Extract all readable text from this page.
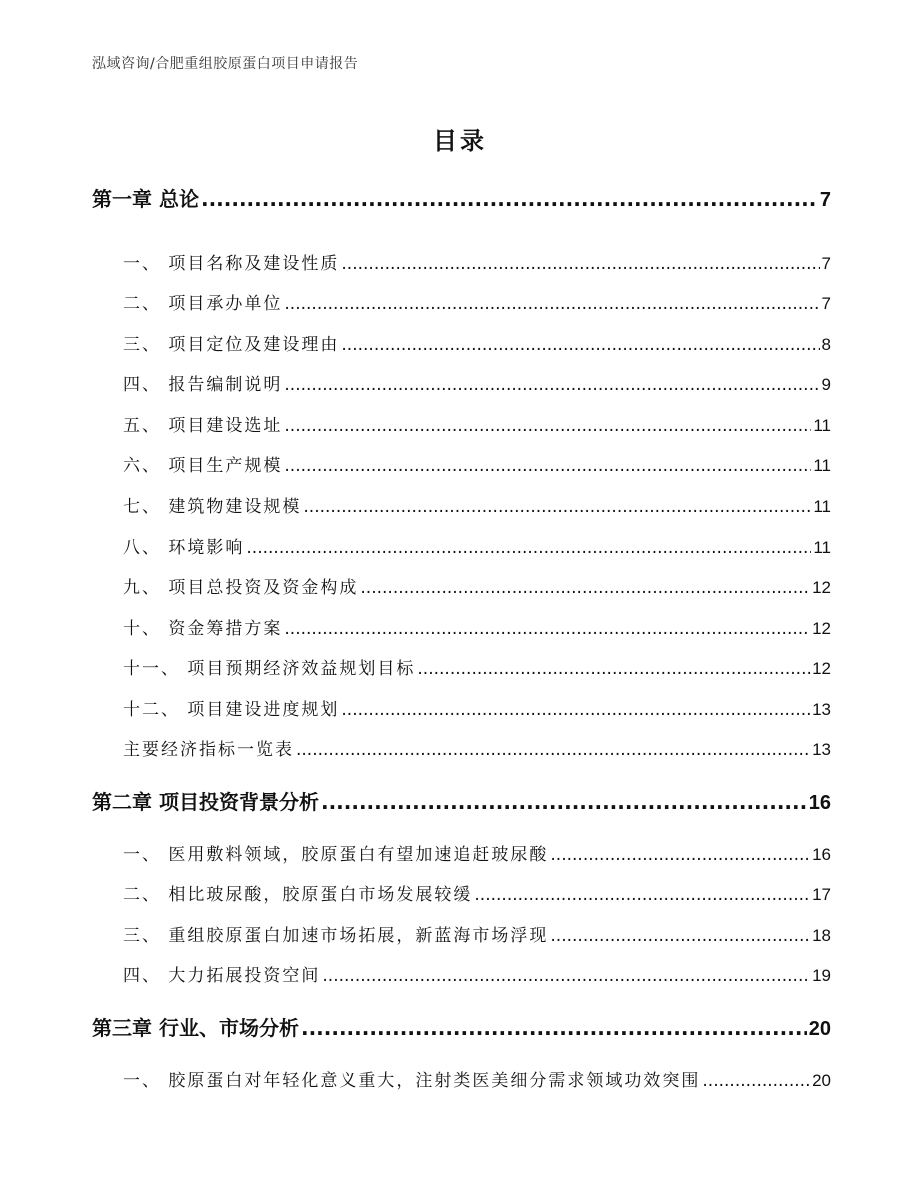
泓域咨询/合肥重组胶原蛋白项目申请报告
目录
第一章 总论 .....	7
一、 项目名称及建设性质 .....	7
二、 项目承办单位 .....	7
三、 项目定位及建设理由 .....	8
四、 报告编制说明 .....	9
五、 项目建设选址 .....	11
六、 项目生产规模 .....	11
七、 建筑物建设规模 .....	11
八、 环境影响 .....	11
九、 项目总投资及资金构成 .....	12
十、 资金筹措方案 .....	12
十一、 项目预期经济效益规划目标 .....	12
十二、 项目建设进度规划 .....	13
主要经济指标一览表 .....	13
第二章 项目投资背景分析 .....	16
一、 医用敷料领域，胶原蛋白有望加速追赶玻尿酸 .....	16
二、 相比玻尿酸，胶原蛋白市场发展较缓 .....	17
三、 重组胶原蛋白加速市场拓展，新蓝海市场浮现 .....	18
四、 大力拓展投资空间 .....	19
第三章 行业、市场分析 .....	20
一、 胶原蛋白对年轻化意义重大，注射类医美细分需求领域功效突围 .....	20
